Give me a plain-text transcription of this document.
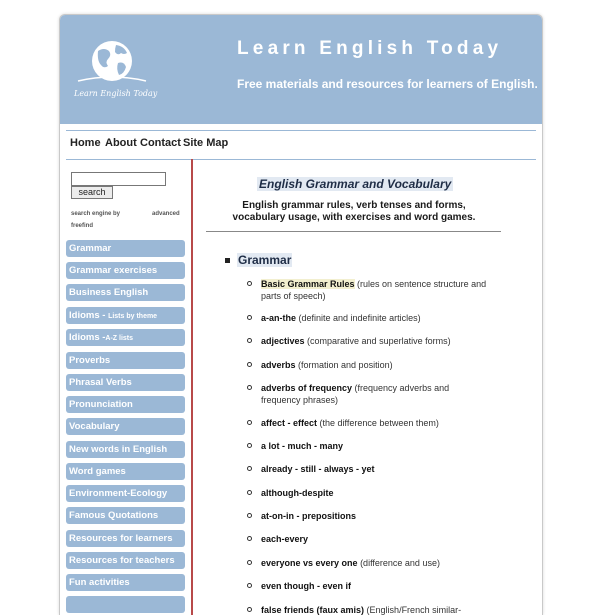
Learn English Today
Learn English Today
Free materials and resources for learners of English.
Home About Contact Site Map
search
search engine by	advanced
freefind
Grammar
Grammar exercises
Business English
Idioms - Lists by theme
Idioms -A-Z lists
Proverbs
Phrasal Verbs
Pronunciation
Vocabulary
New words in English
Word games
Environment-Ecology
Famous Quotations
Resources for learners
Resources for teachers
Fun activities
English Grammar and Vocabulary
English grammar rules, verb tenses and forms, vocabulary usage, with exercises and word games.
Grammar
Basic Grammar Rules (rules on sentence structure and parts of speech)
a-an-the (definite and indefinite articles)
adjectives (comparative and superlative forms)
adverbs (formation and position)
adverbs of frequency (frequency adverbs and frequency phrases)
affect - effect (the difference between them)
a lot - much - many
already - still - always - yet
although-despite
at-on-in - prepositions
each-every
everyone vs every one (difference and use)
even though - even if
false friends (faux amis) (English/French similar-
